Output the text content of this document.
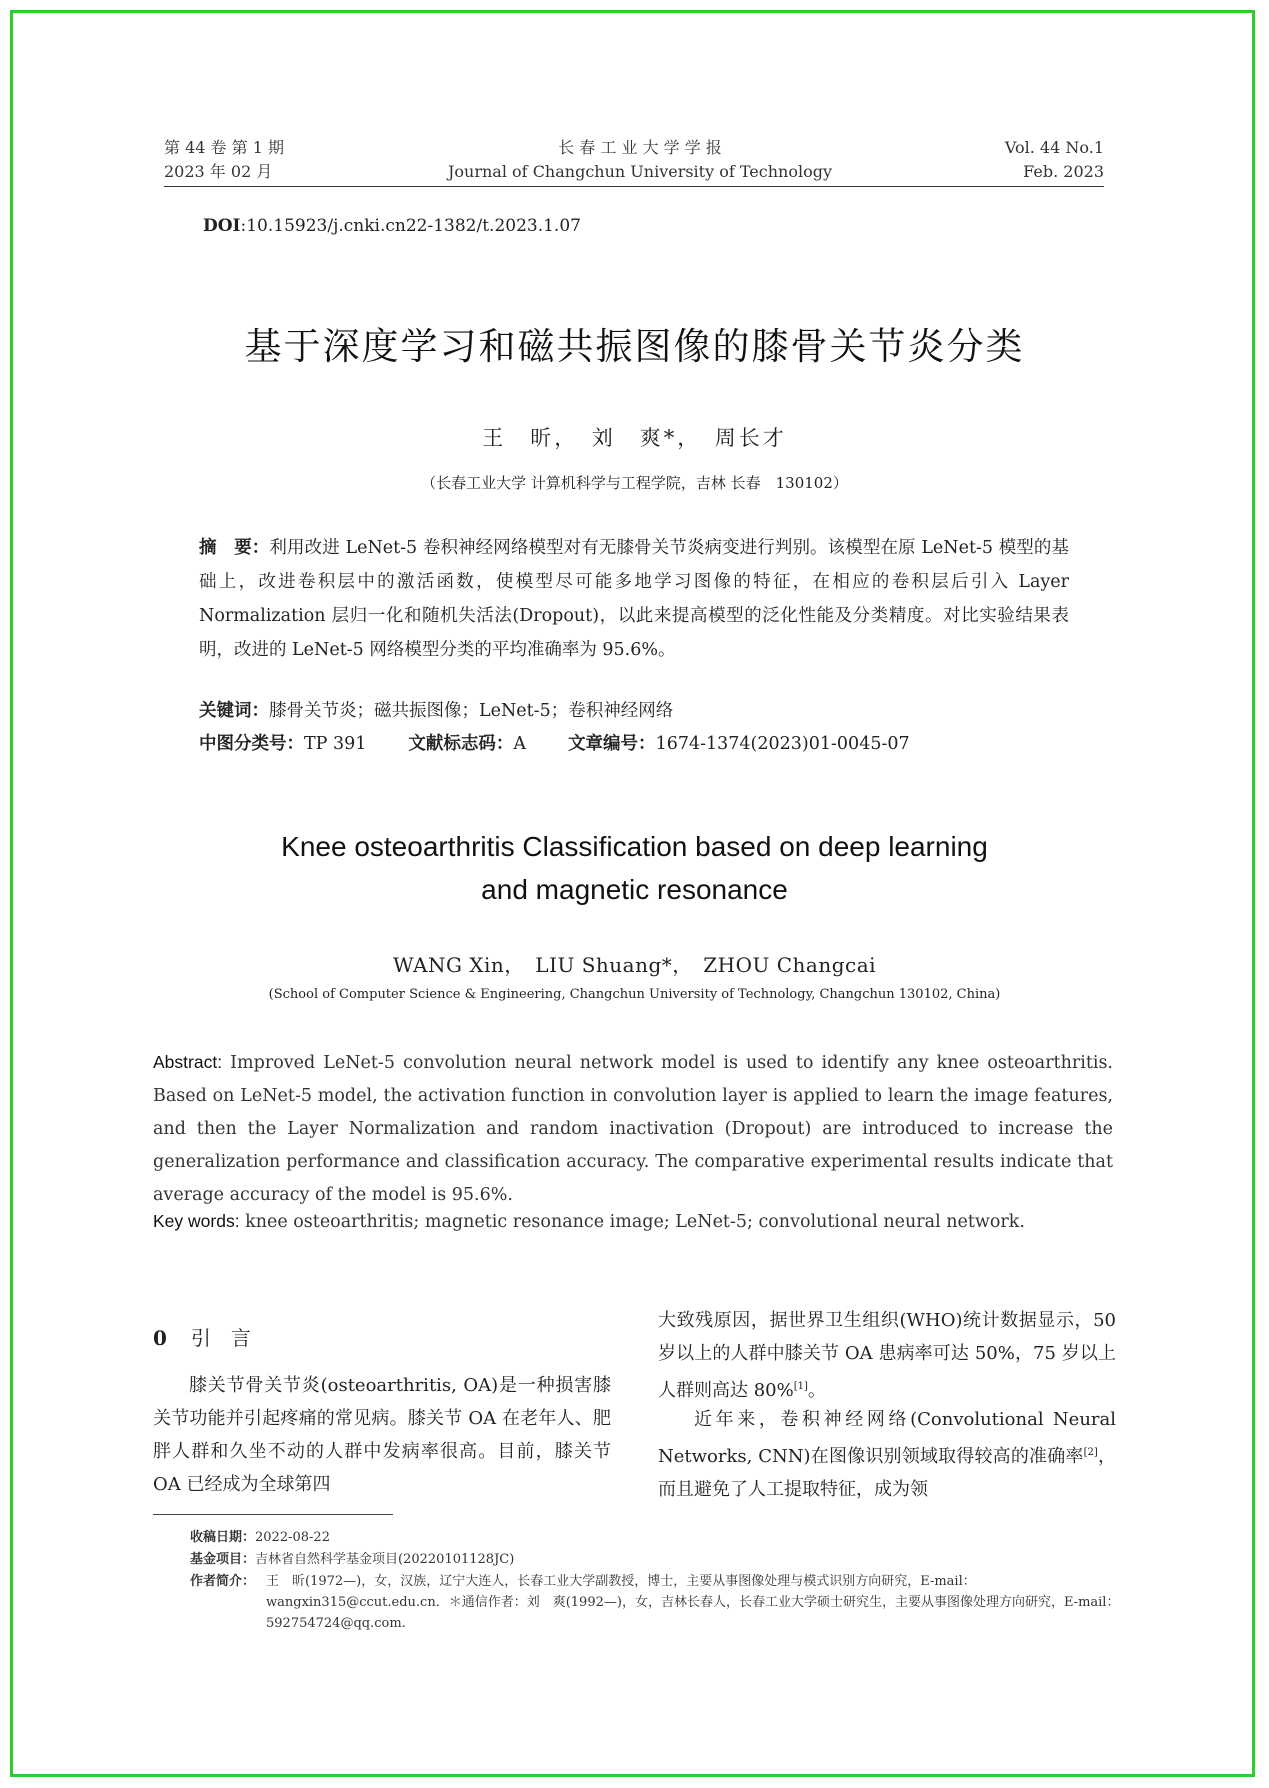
第 44 卷 第 1 期
2023 年 02 月
长 春 工 业 大 学 学 报
Journal of Changchun University of Technology
Vol. 44 No.1
Feb. 2023
DOI:10.15923/j.cnki.cn22-1382/t.2023.1.07
基于深度学习和磁共振图像的膝骨关节炎分类
王　昕，　刘　爽*，　周长才
（长春工业大学 计算机科学与工程学院，吉林 长春　130102）
摘　要：利用改进 LeNet-5 卷积神经网络模型对有无膝骨关节炎病变进行判别。该模型在原 LeNet-5 模型的基础上，改进卷积层中的激活函数，使模型尽可能多地学习图像的特征，在相应的卷积层后引入 Layer Normalization 层归一化和随机失活法(Dropout)，以此来提高模型的泛化性能及分类精度。对比实验结果表明，改进的 LeNet-5 网络模型分类的平均准确率为 95.6%。
关键词：膝骨关节炎；磁共振图像；LeNet-5；卷积神经网络
中图分类号：TP 391 文献标志码：A 文章编号：1674-1374(2023)01-0045-07
Knee osteoarthritis Classification based on deep learning
and magnetic resonance
WANG Xin，　LIU Shuang*，　ZHOU Changcai
(School of Computer Science & Engineering, Changchun University of Technology, Changchun 130102, China)
Abstract: Improved LeNet-5 convolution neural network model is used to identify any knee osteoarthritis. Based on LeNet-5 model, the activation function in convolution layer is applied to learn the image features, and then the Layer Normalization and random inactivation (Dropout) are introduced to increase the generalization performance and classification accuracy. The comparative experimental results indicate that average accuracy of the model is 95.6%.
Key words: knee osteoarthritis; magnetic resonance image; LeNet-5; convolutional neural network.
0 引言
膝关节骨关节炎(osteoarthritis, OA)是一种损害膝关节功能并引起疼痛的常见病。膝关节 OA 在老年人、肥胖人群和久坐不动的人群中发病率很高。目前，膝关节 OA 已经成为全球第四
大致残原因，据世界卫生组织(WHO)统计数据显示，50 岁以上的人群中膝关节 OA 患病率可达 50%，75 岁以上人群则高达 80%[1]。
近年来，卷积神经网络(Convolutional Neural Networks, CNN)在图像识别领域取得较高的准确率[2]，而且避免了人工提取特征，成为领
收稿日期：2022-08-22
基金项目：吉林省自然科学基金项目(20220101128JC)
作者简介： 王　昕(1972—)，女，汉族，辽宁大连人，长春工业大学副教授，博士，主要从事图像处理与模式识别方向研究，E-mail：wangxin315@ccut.edu.cn．＊通信作者：刘　爽(1992—)，女，吉林长春人，长春工业大学硕士研究生，主要从事图像处理方向研究，E-mail：592754724@qq.com.
